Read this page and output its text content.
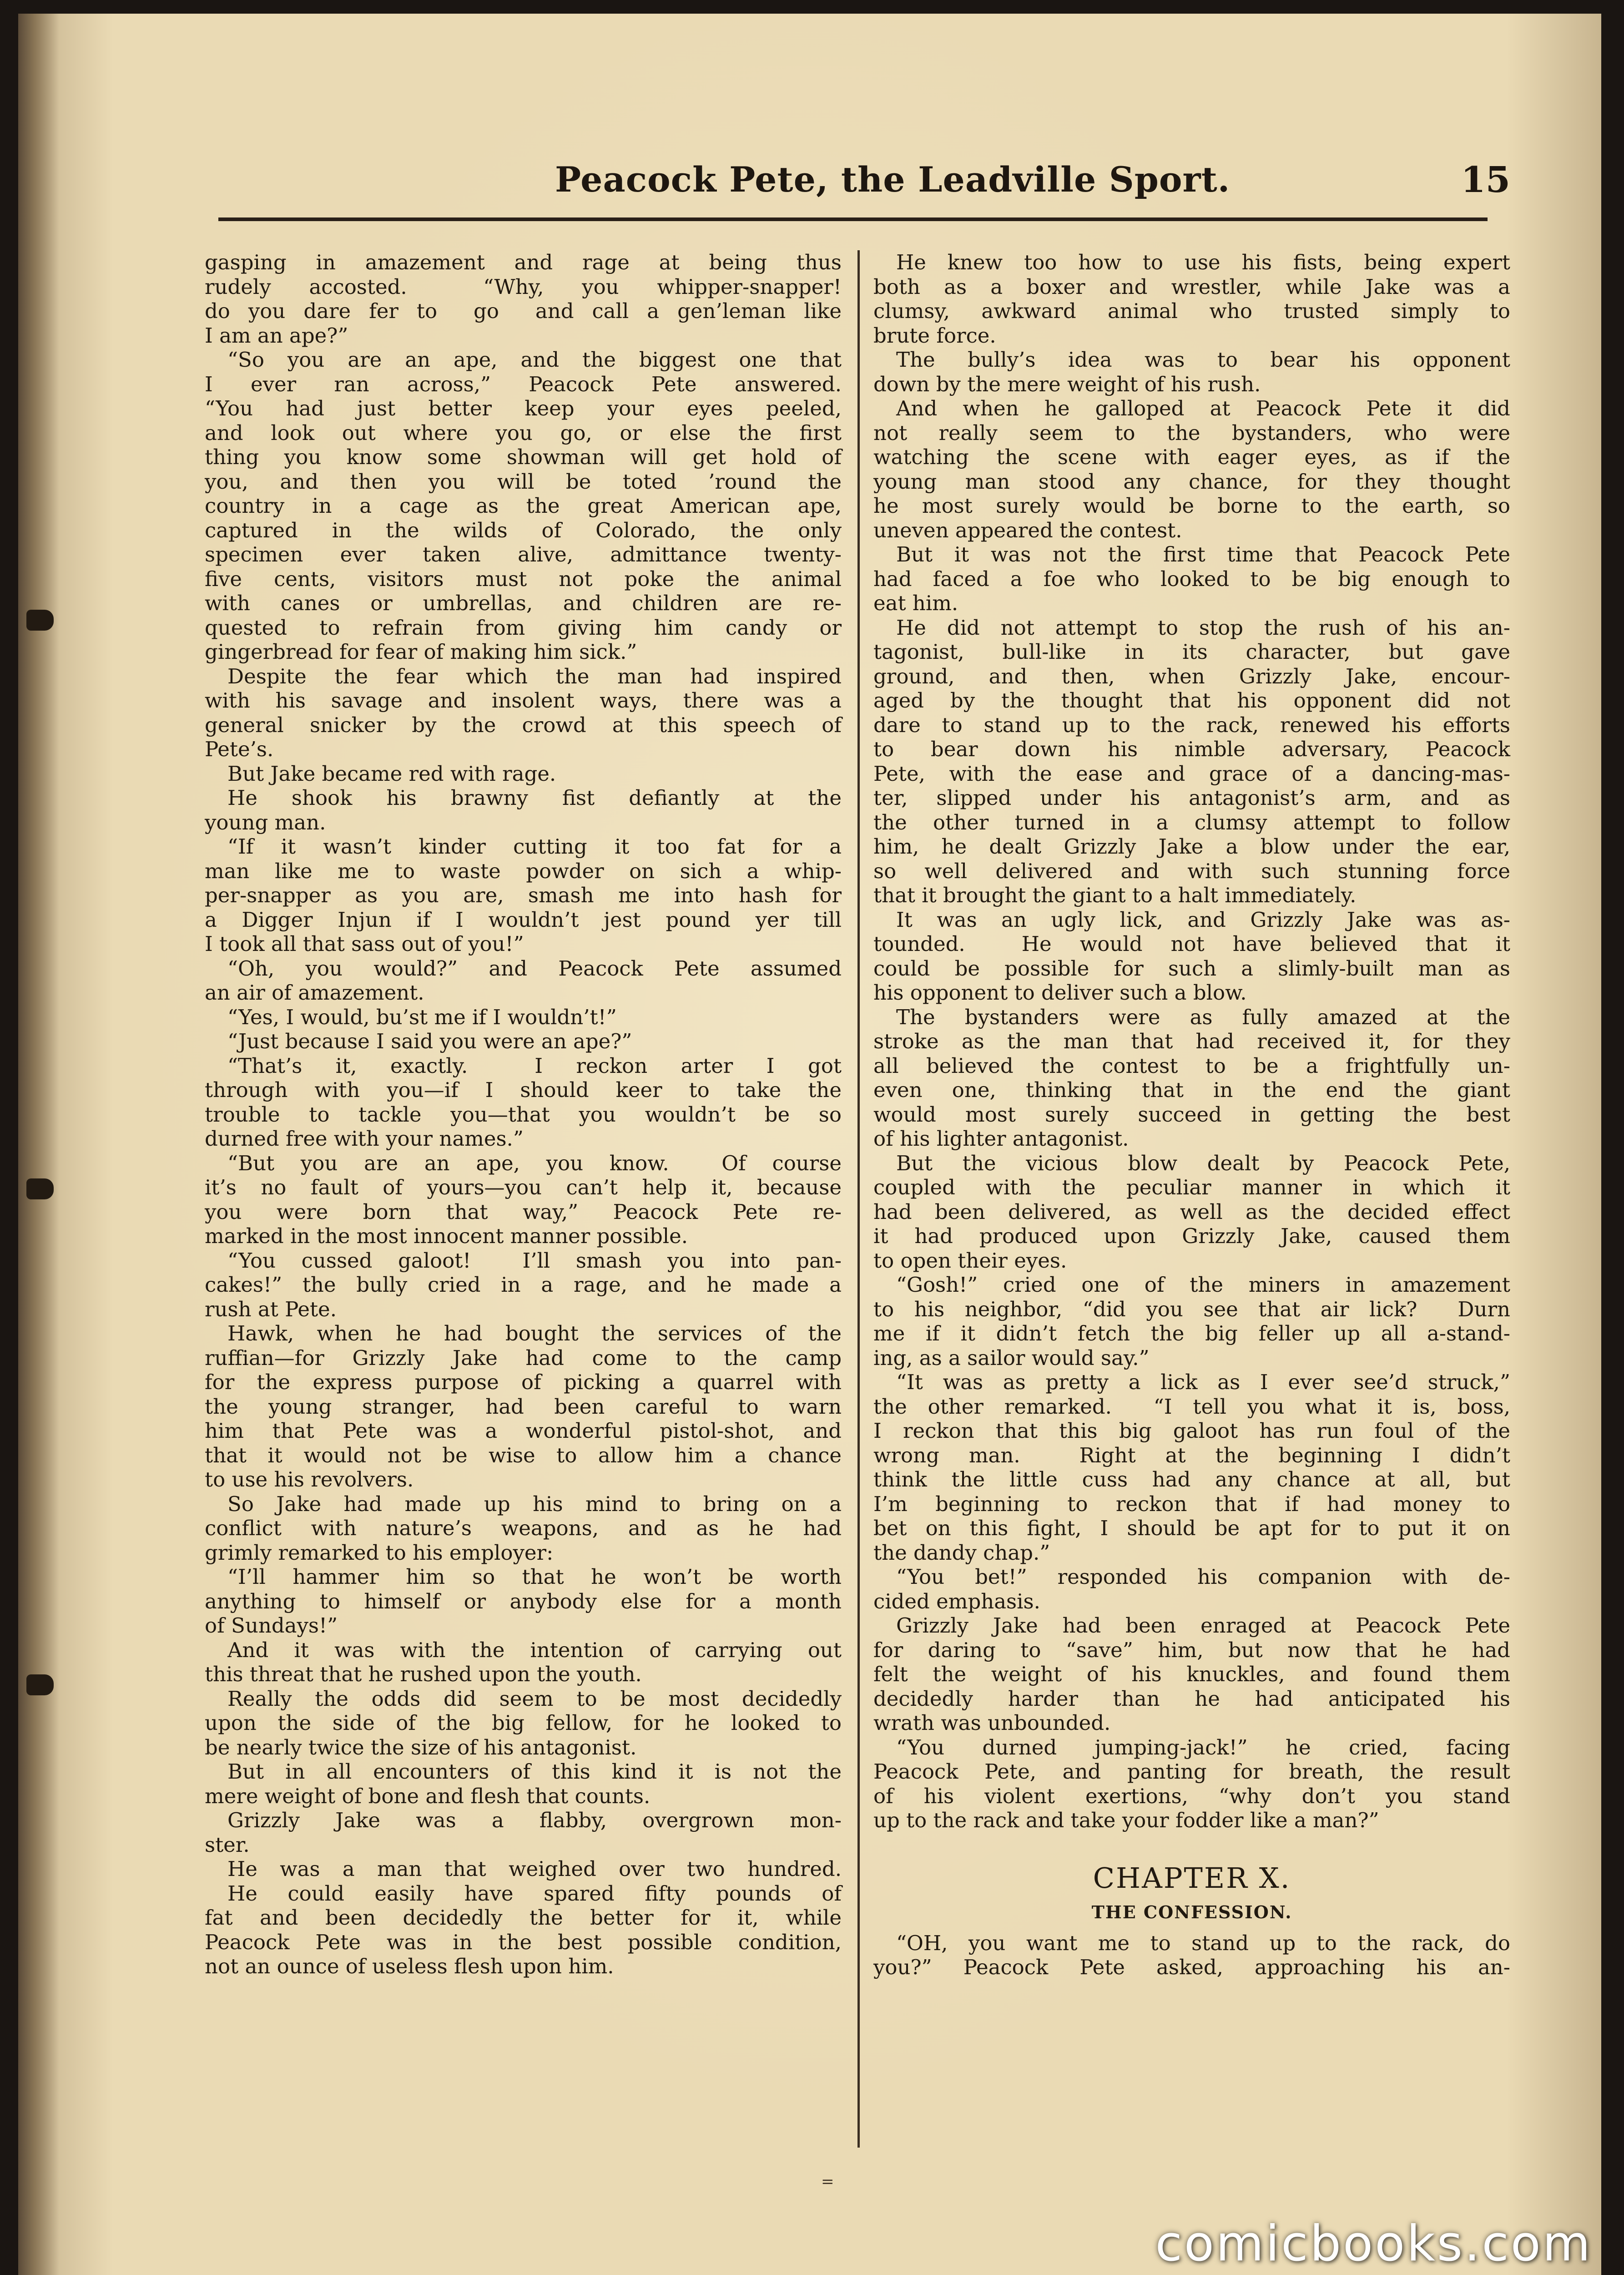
Peacock Pete, the Leadville Sport.	15
gasping in amazement and rage at being thus
rudely accosted.  “Why, you whipper-snapper!
do you dare fer to  go  and call a gen’leman like
I am an ape?”
“So you are an ape, and the biggest one that
I ever ran across,” Peacock Pete answered.
“You had just better keep your eyes peeled,
and look out where you go, or else the first
thing you know some showman will get hold of
you, and then you will be toted ’round the
country in a cage as the great American ape,
captured in the wilds of Colorado, the only
specimen ever taken alive, admittance twenty-
five cents, visitors must not poke the animal
with canes or umbrellas, and children are re-
quested to refrain from giving him candy or
gingerbread for fear of making him sick.”
Despite the fear which the man had inspired
with his savage and insolent ways, there was a
general snicker by the crowd at this speech of
Pete’s.
But Jake became red with rage.
He shook his brawny fist defiantly at the
young man.
“If it wasn’t kinder cutting it too fat for a
man like me to waste powder on sich a whip-
per-snapper as you are, smash me into hash for
a Digger Injun if I wouldn’t jest pound yer till
I took all that sass out of you!”
“Oh, you would?” and Peacock Pete assumed
an air of amazement.
“Yes, I would, bu’st me if I wouldn’t!”
“Just because I said you were an ape?”
“That’s it, exactly.  I reckon arter I got
through with you—if I should keer to take the
trouble to tackle you—that you wouldn’t be so
durned free with your names.”
“But you are an ape, you know.  Of course
it’s no fault of yours—you can’t help it, because
you were born that way,” Peacock Pete re-
marked in the most innocent manner possible.
“You cussed galoot!  I’ll smash you into pan-
cakes!” the bully cried in a rage, and he made a
rush at Pete.
Hawk, when he had bought the services of the
ruffian—for Grizzly Jake had come to the camp
for the express purpose of picking a quarrel with
the young stranger, had been careful to warn
him that Pete was a wonderful pistol-shot, and
that it would not be wise to allow him a chance
to use his revolvers.
So Jake had made up his mind to bring on a
conflict with nature’s weapons, and as he had
grimly remarked to his employer:
“I’ll hammer him so that he won’t be worth
anything to himself or anybody else for a month
of Sundays!”
And it was with the intention of carrying out
this threat that he rushed upon the youth.
Really the odds did seem to be most decidedly
upon the side of the big fellow, for he looked to
be nearly twice the size of his antagonist.
But in all encounters of this kind it is not the
mere weight of bone and flesh that counts.
Grizzly Jake was a flabby, overgrown mon-
ster.
He was a man that weighed over two hundred.
He could easily have spared fifty pounds of
fat and been decidedly the better for it, while
Peacock Pete was in the best possible condition,
not an ounce of useless flesh upon him.
He knew too how to use his fists, being expert
both as a boxer and wrestler, while Jake was a
clumsy, awkward animal who trusted simply to
brute force.
The bully’s idea was to bear his opponent
down by the mere weight of his rush.
And when he galloped at Peacock Pete it did
not really seem to the bystanders, who were
watching the scene with eager eyes, as if the
young man stood any chance, for they thought
he most surely would be borne to the earth, so
uneven appeared the contest.
But it was not the first time that Peacock Pete
had faced a foe who looked to be big enough to
eat him.
He did not attempt to stop the rush of his an-
tagonist, bull-like in its character, but gave
ground, and then, when Grizzly Jake, encour-
aged by the thought that his opponent did not
dare to stand up to the rack, renewed his efforts
to bear down his nimble adversary, Peacock
Pete, with the ease and grace of a dancing-mas-
ter, slipped under his antagonist’s arm, and as
the other turned in a clumsy attempt to follow
him, he dealt Grizzly Jake a blow under the ear,
so well delivered and with such stunning force
that it brought the giant to a halt immediately.
It was an ugly lick, and Grizzly Jake was as-
tounded.  He would not have believed that it
could be possible for such a slimly-built man as
his opponent to deliver such a blow.
The bystanders were as fully amazed at the
stroke as the man that had received it, for they
all believed the contest to be a frightfully un-
even one, thinking that in the end the giant
would most surely succeed in getting the best
of his lighter antagonist.
But the vicious blow dealt by Peacock Pete,
coupled with the peculiar manner in which it
had been delivered, as well as the decided effect
it had produced upon Grizzly Jake, caused them
to open their eyes.
“Gosh!” cried one of the miners in amazement
to his neighbor, “did you see that air lick?  Durn
me if it didn’t fetch the big feller up all a-stand-
ing, as a sailor would say.”
“It was as pretty a lick as I ever see’d struck,”
the other remarked.  “I tell you what it is, boss,
I reckon that this big galoot has run foul of the
wrong man.  Right at the beginning I didn’t
think the little cuss had any chance at all, but
I’m beginning to reckon that if had money to
bet on this fight, I should be apt for to put it on
the dandy chap.”
“You bet!” responded his companion with de-
cided emphasis.
Grizzly Jake had been enraged at Peacock Pete
for daring to “save” him, but now that he had
felt the weight of his knuckles, and found them
decidedly harder than he had anticipated his
wrath was unbounded.
“You durned jumping-jack!” he cried, facing
Peacock Pete, and panting for breath, the result
of his violent exertions, “why don’t you stand
up to the rack and take your fodder like a man?”
CHAPTER X.
THE CONFESSION.
“OH, you want me to stand up to the rack, do
you?” Peacock Pete asked, approaching his an-
=
comicbooks.com
